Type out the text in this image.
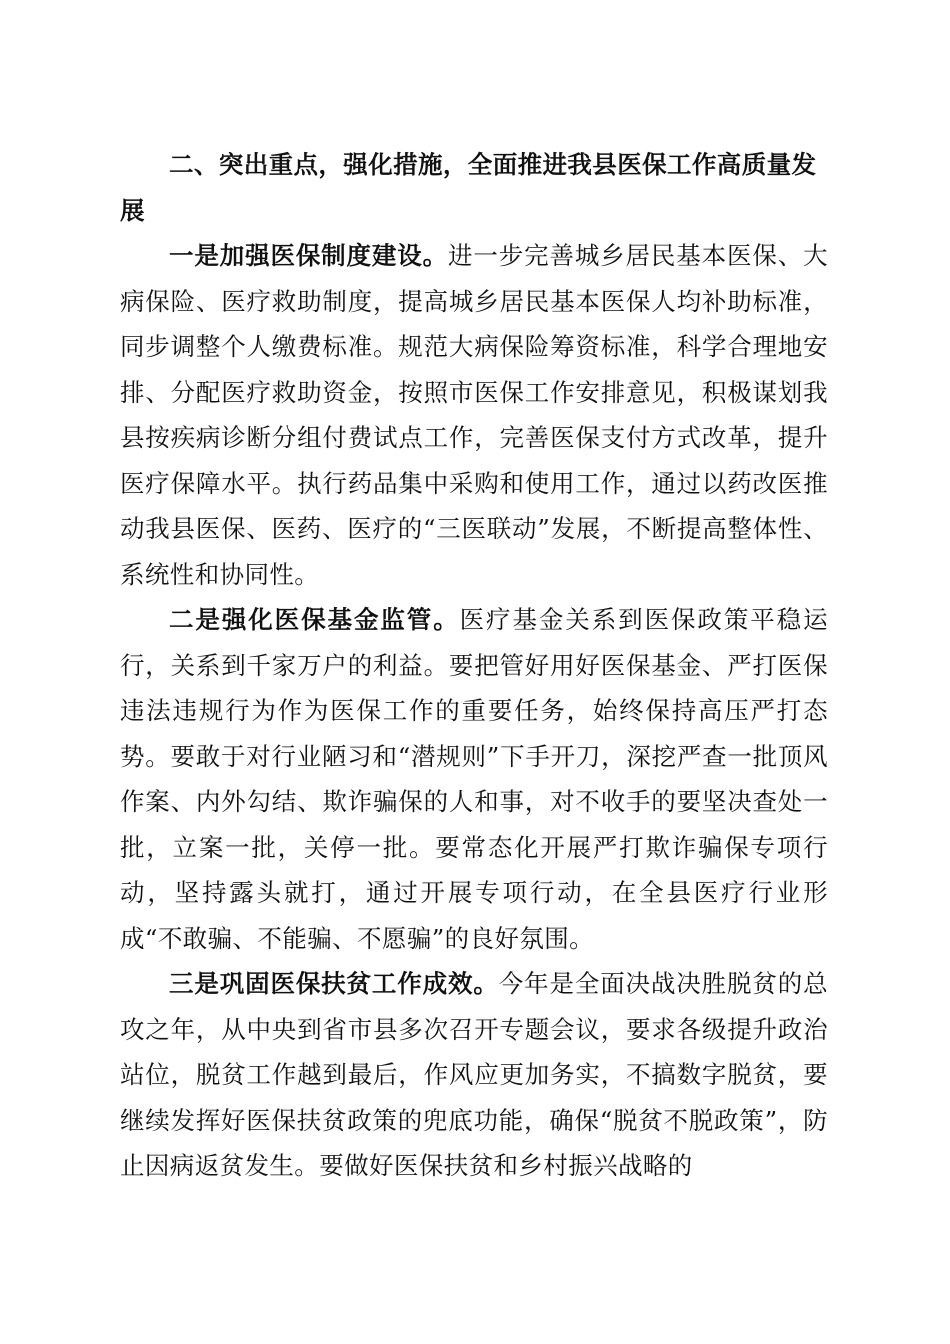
二、突出重点，强化措施，全面推进我县医保工作高质量发展

一是加强医保制度建设。进一步完善城乡居民基本医保、大病保险、医疗救助制度，提高城乡居民基本医保人均补助标准，同步调整个人缴费标准。规范大病保险筹资标准，科学合理地安排、分配医疗救助资金，按照市医保工作安排意见，积极谋划我县按疾病诊断分组付费试点工作，完善医保支付方式改革，提升医疗保障水平。执行药品集中采购和使用工作，通过以药改医推动我县医保、医药、医疗的“三医联动”发展，不断提高整体性、系统性和协同性。

二是强化医保基金监管。医疗基金关系到医保政策平稳运行，关系到千家万户的利益。要把管好用好医保基金、严打医保违法违规行为作为医保工作的重要任务，始终保持高压严打态势。要敢于对行业陋习和“潜规则”下手开刀，深挖严查一批顶风作案、内外勾结、欺诈骗保的人和事，对不收手的要坚决查处一批，立案一批，关停一批。要常态化开展严打欺诈骗保专项行动，坚持露头就打，通过开展专项行动，在全县医疗行业形成“不敢骗、不能骗、不愿骗”的良好氛围。

三是巩固医保扶贫工作成效。今年是全面决战决胜脱贫的总攻之年，从中央到省市县多次召开专题会议，要求各级提升政治站位，脱贫工作越到最后，作风应更加务实，不搞数字脱贫，要继续发挥好医保扶贫政策的兜底功能，确保“脱贫不脱政策”，防止因病返贫发生。要做好医保扶贫和乡村振兴战略的
